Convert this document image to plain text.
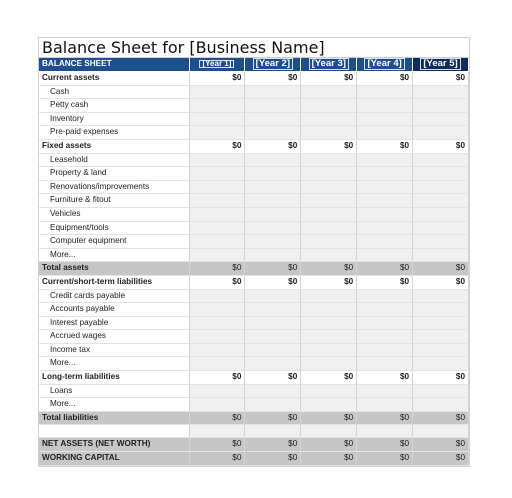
Balance Sheet for [Business Name]
BALANCE SHEET	[Year 1]	[Year 2]	[Year 3]	[Year 4]	[Year 5]
Current assets	$0	$0	$0	$0	$0
Cash					
Petty cash					
Inventory					
Pre-paid expenses					
Fixed assets	$0	$0	$0	$0	$0
Leasehold					
Property & land					
Renovations/improvements					
Furniture & fitout					
Vehicles					
Equipment/tools					
Computer equipment					
More...					
Total assets	$0	$0	$0	$0	$0
Current/short-term liabilities	$0	$0	$0	$0	$0
Credit cards payable					
Accounts payable					
Interest payable					
Accrued wages					
Income tax					
More...					
Long-term liabilities	$0	$0	$0	$0	$0
Loans					
More...					
Total liabilities	$0	$0	$0	$0	$0

NET ASSETS (NET WORTH)	$0	$0	$0	$0	$0
WORKING CAPITAL	$0	$0	$0	$0	$0
